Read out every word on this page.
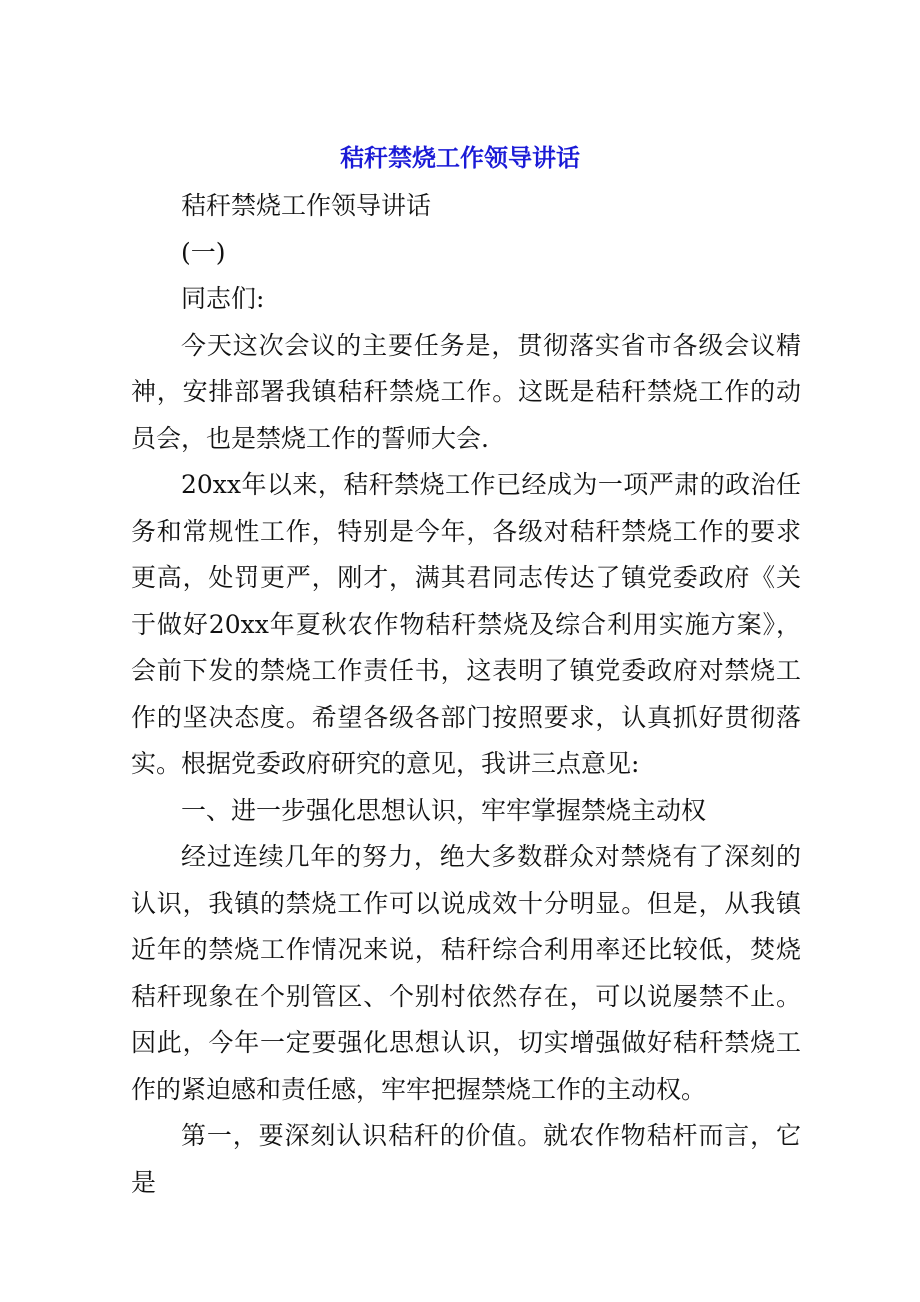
秸秆禁烧工作领导讲话

秸秆禁烧工作领导讲话

(一)

同志们:

今天这次会议的主要任务是，贯彻落实省市各级会议精神，安排部署我镇秸秆禁烧工作。这既是秸秆禁烧工作的动员会，也是禁烧工作的誓师大会.

20xx年以来，秸秆禁烧工作已经成为一项严肃的政治任务和常规性工作，特别是今年，各级对秸秆禁烧工作的要求更高，处罚更严，刚才，满其君同志传达了镇党委政府《关于做好20xx年夏秋农作物秸秆禁烧及综合利用实施方案》，会前下发的禁烧工作责任书，这表明了镇党委政府对禁烧工作的坚决态度。希望各级各部门按照要求，认真抓好贯彻落实。根据党委政府研究的意见，我讲三点意见:

一、进一步强化思想认识，牢牢掌握禁烧主动权

经过连续几年的努力，绝大多数群众对禁烧有了深刻的认识，我镇的禁烧工作可以说成效十分明显。但是，从我镇近年的禁烧工作情况来说，秸秆综合利用率还比较低，焚烧秸秆现象在个别管区、个别村依然存在，可以说屡禁不止。因此，今年一定要强化思想认识，切实增强做好秸秆禁烧工作的紧迫感和责任感，牢牢把握禁烧工作的主动权。

第一，要深刻认识秸秆的价值。就农作物秸杆而言，它是
